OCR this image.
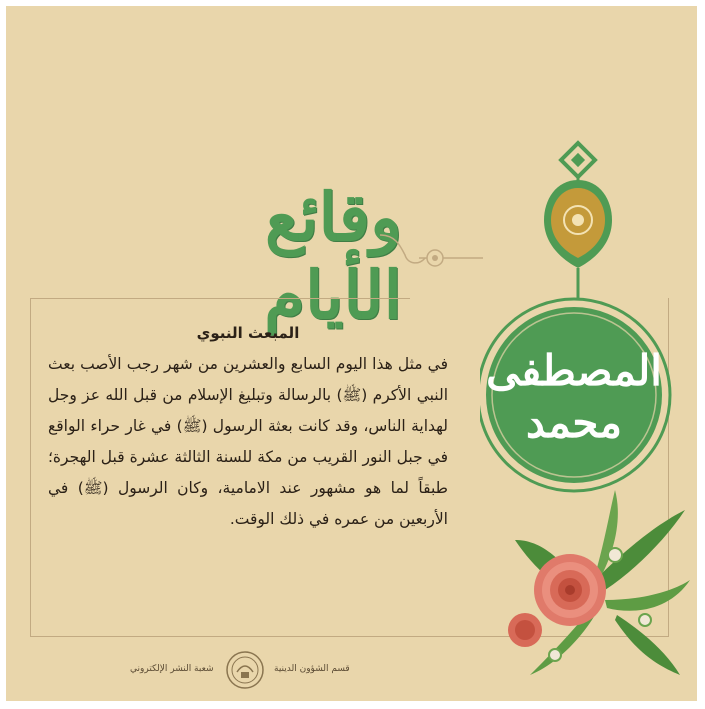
وقائع الأيام
المبعث النبوي
في مثل هذا اليوم السابع والعشرين من شهر رجب الأصب بعث النبي الأكرم (ﷺ) بالرسالة وتبليغ الإسلام من قبل الله عز وجل لهداية الناس، وقد كانت بعثة الرسول (ﷺ) في غار حراء الواقع في جبل النور القريب من مكة للسنة الثالثة عشرة قبل الهجرة؛ طبقاً لما هو مشهور عند الامامية، وكان الرسول (ﷺ) في الأربعين من عمره في ذلك الوقت.
المصطفى
محمد
شعبة النشر الإلكتروني	قسم الشؤون الدينية
